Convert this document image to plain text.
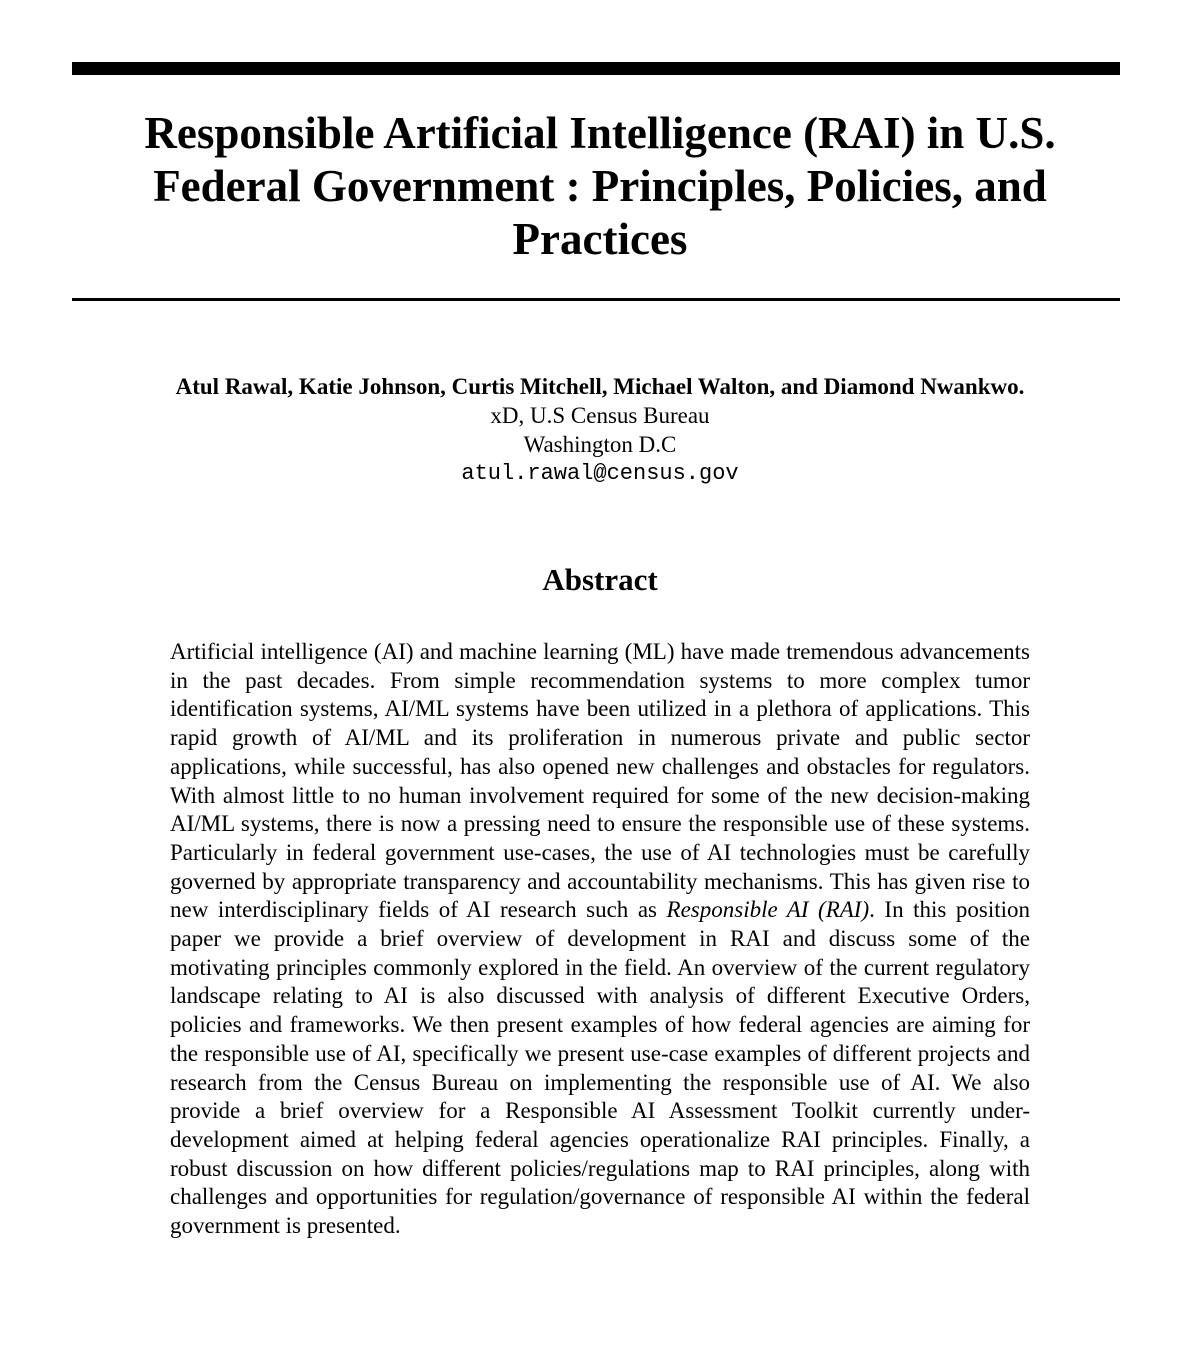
Responsible Artificial Intelligence (RAI) in U.S. Federal Government : Principles, Policies, and Practices
Atul Rawal, Katie Johnson, Curtis Mitchell, Michael Walton, and Diamond Nwankwo.
xD, U.S Census Bureau
Washington D.C
atul.rawal@census.gov
Abstract

Artificial intelligence (AI) and machine learning (ML) have made tremendous advancements in the past decades. From simple recommendation systems to more complex tumor identification systems, AI/ML systems have been utilized in a plethora of applications. This rapid growth of AI/ML and its proliferation in numerous private and public sector applications, while successful, has also opened new challenges and obstacles for regulators. With almost little to no human involvement required for some of the new decision-making AI/ML systems, there is now a pressing need to ensure the responsible use of these systems. Particularly in federal government use-cases, the use of AI technologies must be carefully governed by appropriate transparency and accountability mechanisms. This has given rise to new interdisciplinary fields of AI research such as Responsible AI (RAI). In this position paper we provide a brief overview of development in RAI and discuss some of the motivating principles commonly explored in the field. An overview of the current regulatory landscape relating to AI is also discussed with analysis of different Executive Orders, policies and frameworks. We then present examples of how federal agencies are aiming for the responsible use of AI, specifically we present use-case examples of different projects and research from the Census Bureau on implementing the responsible use of AI. We also provide a brief overview for a Responsible AI Assessment Toolkit currently under-development aimed at helping federal agencies operationalize RAI principles. Finally, a robust discussion on how different policies/regulations map to RAI principles, along with challenges and opportunities for regulation/governance of responsible AI within the federal government is presented.
